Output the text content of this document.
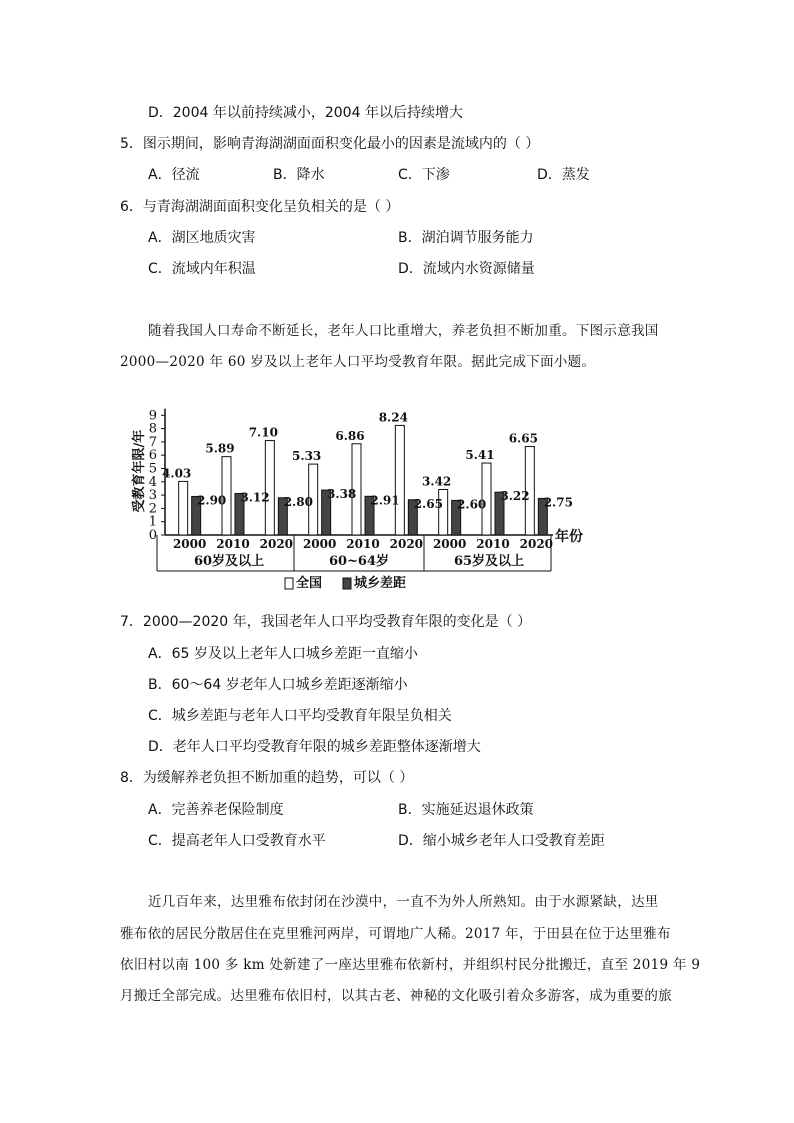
D．2004 年以前持续减小，2004 年以后持续增大
5．图示期间，影响青海湖湖面面积变化最小的因素是流域内的（ ）
A．径流	B．降水	C．下渗	D．蒸发
6．与青海湖湖面面积变化呈负相关的是（ ）
A．湖区地质灾害	B．湖泊调节服务能力
C．流域内年积温	D．流域内水资源储量
随着我国人口寿命不断延长，老年人口比重增大，养老负担不断加重。下图示意我国
2000—2020 年 60 岁及以上老年人口平均受教育年限。据此完成下面小题。
0
1
2
3
4
5
6
7
8
9
受教育年限/年
年份
4.03
2.90
2000
5.89
3.12
2010
7.10
2.80
2020
60岁及以上
5.33
3.38
2000
6.86
2.91
2010
8.24
2.65
2020
60~64岁
3.42
2.60
2000
5.41
3.22
2010
6.65
2.75
2020
65岁及以上
全国 城乡差距
7．2000—2020 年，我国老年人口平均受教育年限的变化是（ ）
A．65 岁及以上老年人口城乡差距一直缩小
B．60～64 岁老年人口城乡差距逐渐缩小
C．城乡差距与老年人口平均受教育年限呈负相关
D．老年人口平均受教育年限的城乡差距整体逐渐增大
8．为缓解养老负担不断加重的趋势，可以（ ）
A．完善养老保险制度	B．实施延迟退休政策
C．提高老年人口受教育水平	D．缩小城乡老年人口受教育差距
近几百年来，达里雅布依封闭在沙漠中，一直不为外人所熟知。由于水源紧缺，达里
雅布依的居民分散居住在克里雅河两岸，可谓地广人稀。2017 年，于田县在位于达里雅布
依旧村以南 100 多 km 处新建了一座达里雅布依新村，并组织村民分批搬迁，直至 2019 年 9
月搬迁全部完成。达里雅布依旧村，以其古老、神秘的文化吸引着众多游客，成为重要的旅
